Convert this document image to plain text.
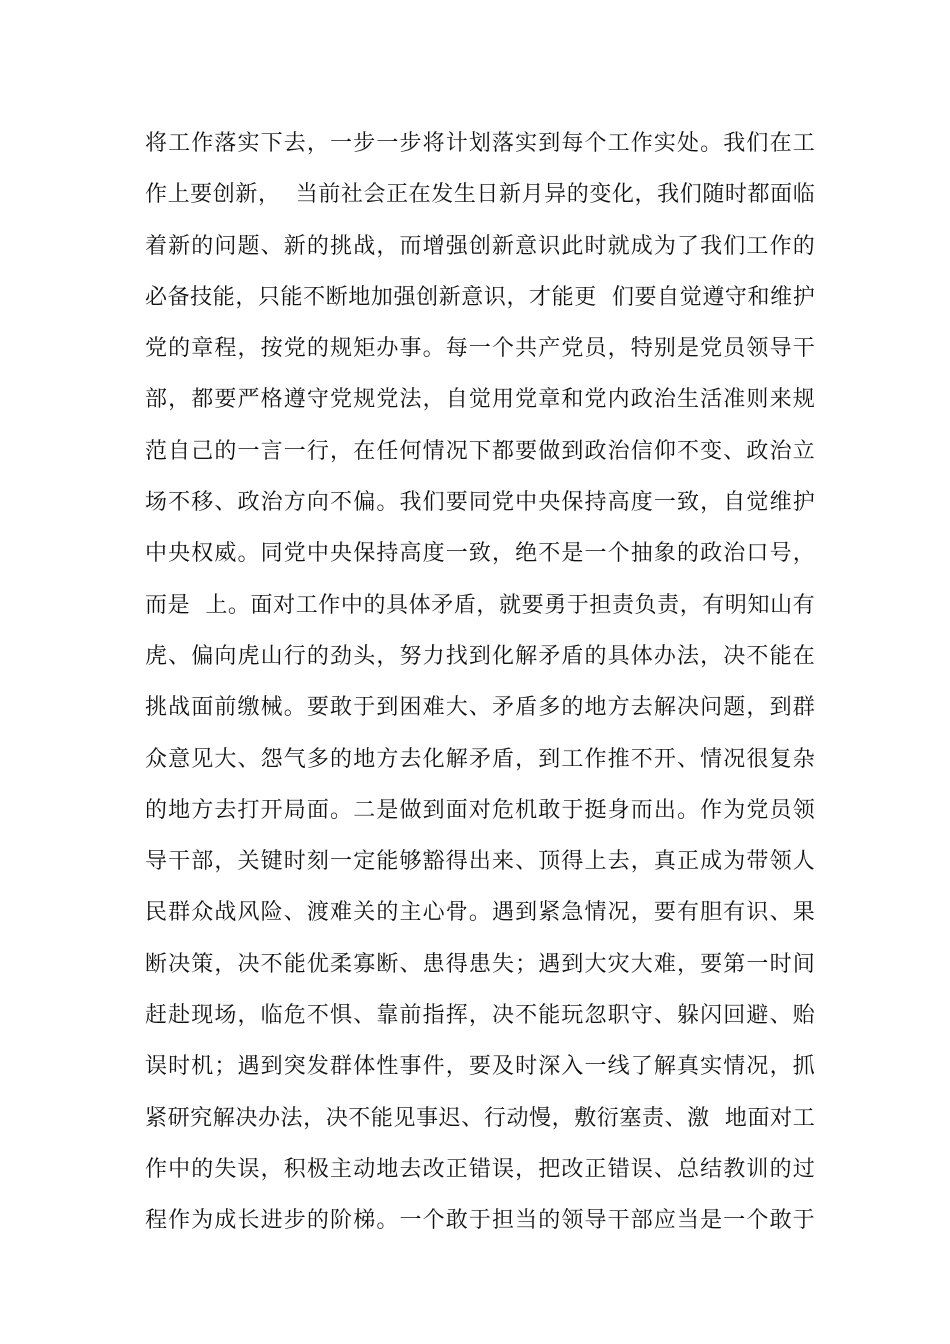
将工作落实下去，一步一步将计划落实到每个工作实处。我们在工
作上要创新，  当前社会正在发生日新月异的变化，我们随时都面临
着新的问题、新的挑战，而增强创新意识此时就成为了我们工作的
必备技能，只能不断地加强创新意识，才能更  们要自觉遵守和维护
党的章程，按党的规矩办事。每一个共产党员，特别是党员领导干
部，都要严格遵守党规党法，自觉用党章和党内政治生活准则来规
范自己的一言一行，在任何情况下都要做到政治信仰不变、政治立
场不移、政治方向不偏。我们要同党中央保持高度一致，自觉维护
中央权威。同党中央保持高度一致，绝不是一个抽象的政治口号，
而是  上。面对工作中的具体矛盾，就要勇于担责负责，有明知山有
虎、偏向虎山行的劲头，努力找到化解矛盾的具体办法，决不能在
挑战面前缴械。要敢于到困难大、矛盾多的地方去解决问题，到群
众意见大、怨气多的地方去化解矛盾，到工作推不开、情况很复杂
的地方去打开局面。二是做到面对危机敢于挺身而出。作为党员领
导干部，关键时刻一定能够豁得出来、顶得上去，真正成为带领人
民群众战风险、渡难关的主心骨。遇到紧急情况，要有胆有识、果
断决策，决不能优柔寡断、患得患失；遇到大灾大难，要第一时间
赶赴现场，临危不惧、靠前指挥，决不能玩忽职守、躲闪回避、贻
误时机；遇到突发群体性事件，要及时深入一线了解真实情况，抓
紧研究解决办法，决不能见事迟、行动慢，敷衍塞责、激  地面对工
作中的失误，积极主动地去改正错误，把改正错误、总结教训的过
程作为成长进步的阶梯。一个敢于担当的领导干部应当是一个敢于
